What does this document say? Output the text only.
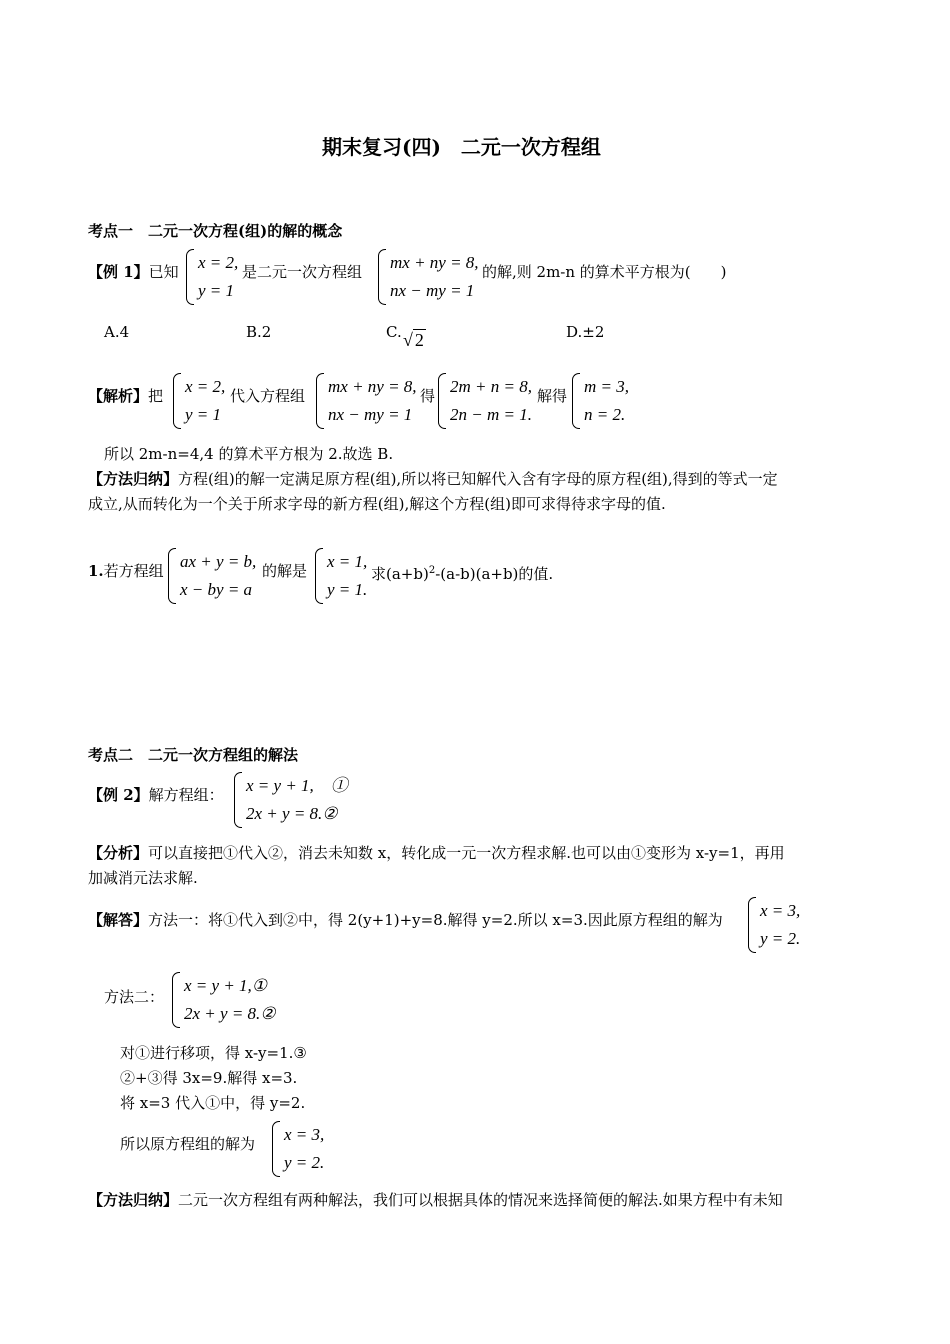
期末复习(四)　二元一次方程组
考点一　二元一次方程(组)的解的概念
【例 1】已知 x = 2,
y = 1
是二元一次方程组 mx + ny = 8,
nx − my = 1
的解,则 2m-n 的算术平方根为(　　)
A.4	B.2	C. √ 2	D.±2
【解析】把 x = 2,
y = 1
代入方程组 mx + ny = 8,
nx − my = 1
得 2m + n = 8,
2n − m = 1.
解得 m = 3,
n = 2.
所以 2m-n=4,4 的算术平方根为 2.故选 B.
【方法归纳】方程(组)的解一定满足原方程(组),所以将已知解代入含有字母的原方程(组),得到的等式一定
成立,从而转化为一个关于所求字母的新方程(组),解这个方程(组)即可求得待求字母的值.
1.若方程组 ax + y = b,
x − by = a
的解是 x = 1,
y = 1.
求$(a+b)^2-(a-b)(a+b)$的值.
考点二　二元一次方程组的解法
【例 2】解方程组： x = y + 1,　①
2x + y = 8.②
【分析】可以直接把①代入②，消去未知数 x，转化成一元一次方程求解.也可以由①变形为 x-y=1，再用
加减消元法求解.
【解答】方法一：将①代入到②中，得 2(y+1)+y=8.解得 y=2.所以 x=3.因此原方程组的解为 x = 3,
y = 2.
方法二：
x = y + 1,①
2x + y = 8.②
对①进行移项，得 x-y=1.③
②+③得 3x=9.解得 x=3.
将 x=3 代入①中，得 y=2.
所以原方程组的解为 x = 3,
y = 2.
【方法归纳】二元一次方程组有两种解法，我们可以根据具体的情况来选择简便的解法.如果方程中有未知
